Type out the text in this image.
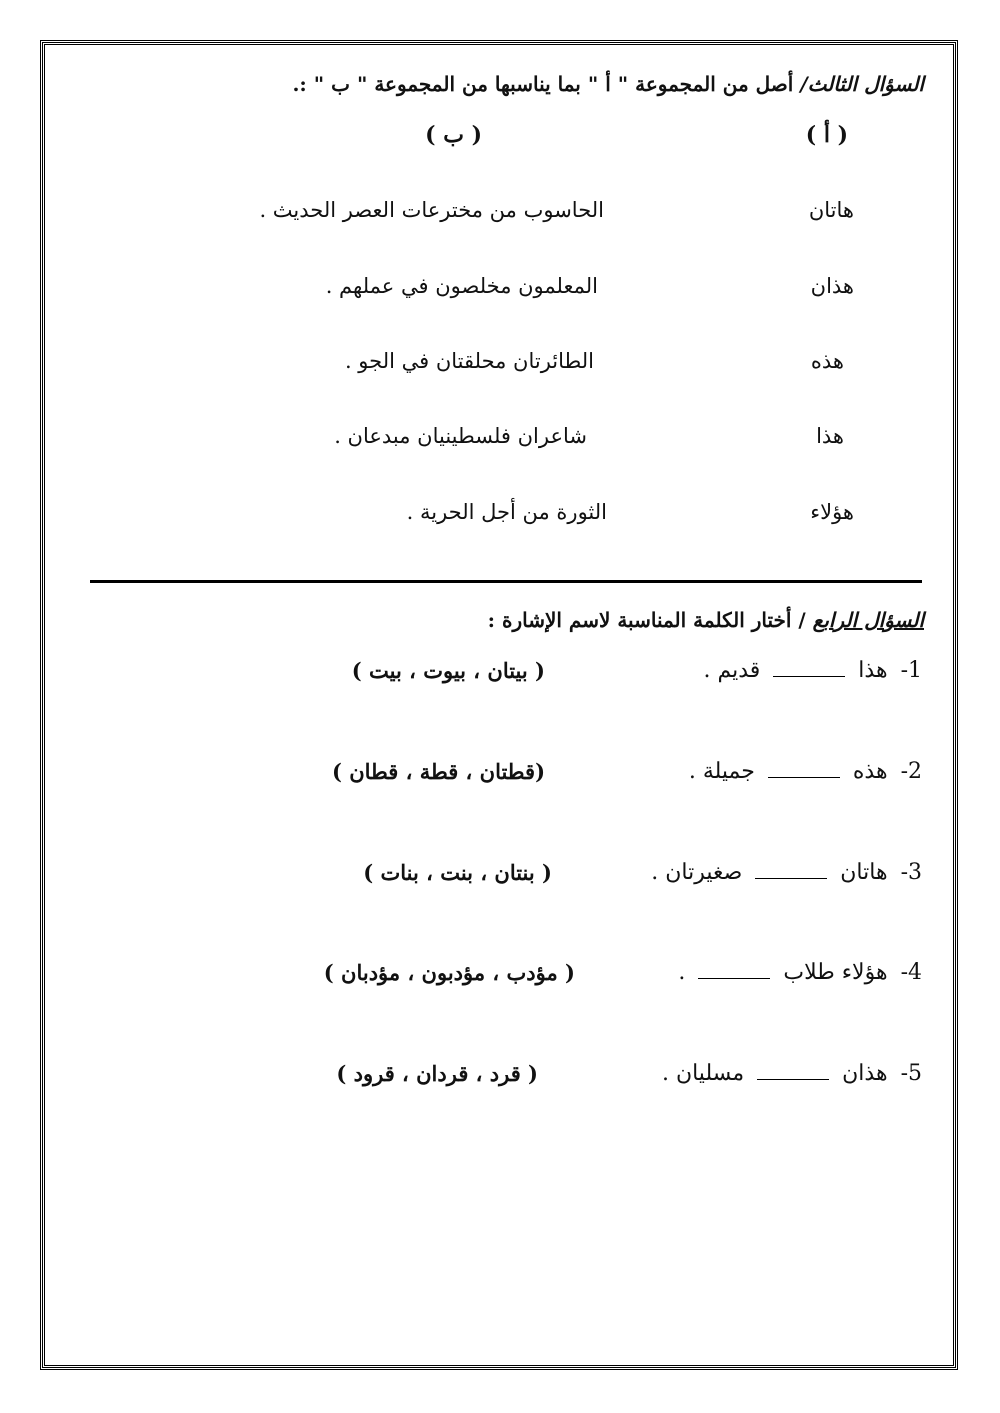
السؤال الثالث/ أصل من المجموعة " أ " بما يناسبها من المجموعة " ب " :.
( أ )
( ب )
هاتان
هذان
هذه
هذا
هؤلاء
الحاسوب من مخترعات العصر الحديث .
المعلمون مخلصون في عملهم .
الطائرتان محلقتان في الجو .
شاعران فلسطينيان مبدعان .
الثورة من أجل الحرية .
السؤال الرابع / أختار الكلمة المناسبة لاسم الإشارة :
1- هذا  قديم .
( بيتان ، بيوت ، بيت )
2- هذه  جميلة .
(قطتان ، قطة ، قطان )
3- هاتان  صغيرتان .
( بنتان ، بنت ، بنات )
4- هؤلاء طلاب  .
( مؤدب ، مؤدبون ، مؤدبان )
5- هذان  مسليان .
( قرد ، قردان ، قرود )
